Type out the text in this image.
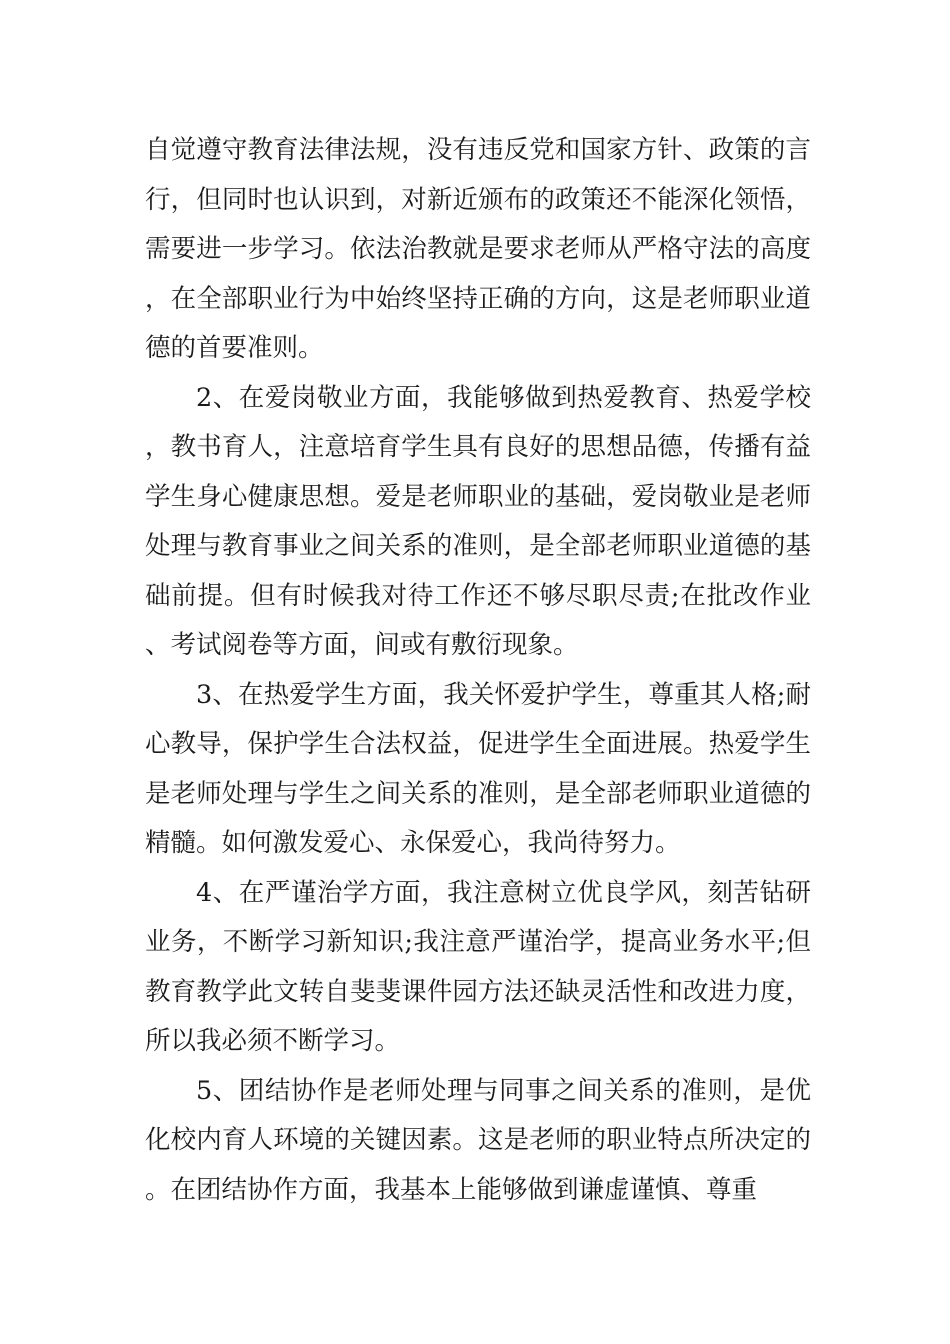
自觉遵守教育法律法规，没有违反党和国家方针、政策的言行，但同时也认识到，对新近颁布的政策还不能深化领悟，需要进一步学习。依法治教就是要求老师从严格守法的高度，在全部职业行为中始终坚持正确的方向，这是老师职业道德的首要准则。

2、在爱岗敬业方面，我能够做到热爱教育、热爱学校，教书育人，注意培育学生具有良好的思想品德，传播有益学生身心健康思想。爱是老师职业的基础，爱岗敬业是老师处理与教育事业之间关系的准则，是全部老师职业道德的基础前提。但有时候我对待工作还不够尽职尽责;在批改作业、考试阅卷等方面，间或有敷衍现象。

3、在热爱学生方面，我关怀爱护学生，尊重其人格;耐心教导，保护学生合法权益，促进学生全面进展。热爱学生是老师处理与学生之间关系的准则，是全部老师职业道德的精髓。如何激发爱心、永保爱心，我尚待努力。

4、在严谨治学方面，我注意树立优良学风，刻苦钻研业务，不断学习新知识;我注意严谨治学，提高业务水平;但教育教学此文转自斐斐课件园方法还缺灵活性和改进力度，所以我必须不断学习。

5、团结协作是老师处理与同事之间关系的准则，是优化校内育人环境的关键因素。这是老师的职业特点所决定的。在团结协作方面，我基本上能够做到谦虚谨慎、尊重
